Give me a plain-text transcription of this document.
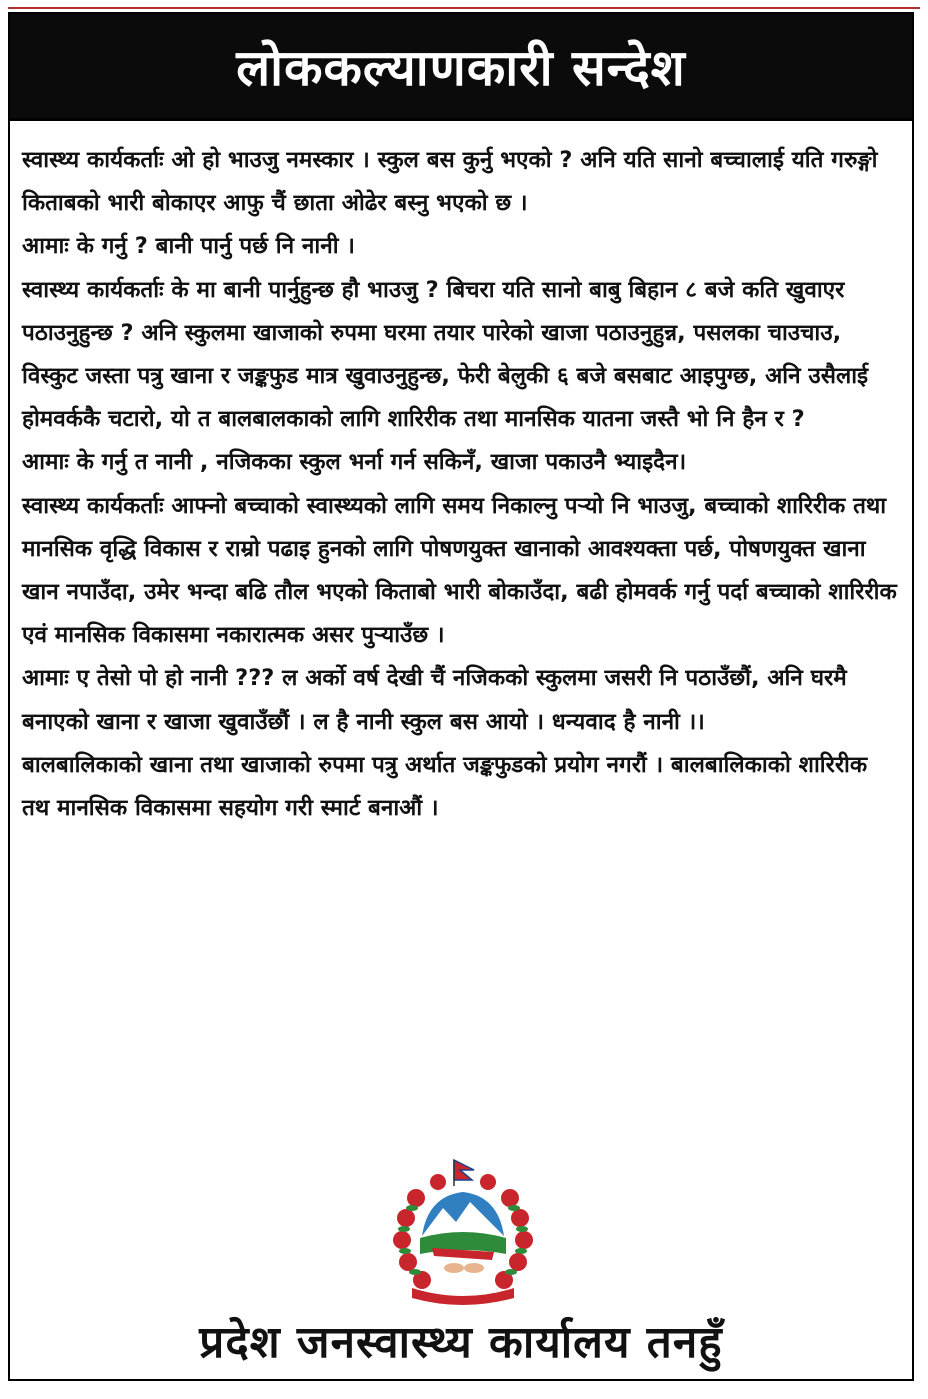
लोककल्याणकारी सन्देश

स्वास्थ्य कार्यकर्ताः ओ हो भाउजु नमस्कार । स्कुल बस कुर्नु भएको ? अनि यति सानो बच्चालाई यति गरुङ्गो किताबको भारी बोकाएर आफु चैं छाता ओढेर बस्नु भएको छ ।

आमाः के गर्नु ? बानी पार्नु पर्छ नि नानी ।

स्वास्थ्य कार्यकर्ताः के मा बानी पार्नुहुन्छ हौ भाउजु ? बिचरा यति सानो बाबु बिहान ८ बजे कति खुवाएर पठाउनुहुन्छ ? अनि स्कुलमा खाजाको रुपमा घरमा तयार पारेको खाजा पठाउनुहुन्न, पसलका चाउचाउ, विस्कुट जस्ता पत्रु खाना र जङ्कफुड मात्र खुवाउनुहुन्छ, फेरी बेलुकी ६ बजे बसबाट आइपुग्छ, अनि उसैलाई होमवर्ककै चटारो, यो त बालबालकाको लागि शारिरीक तथा मानसिक यातना जस्तै भो नि हैन र ?

आमाः के गर्नु त नानी , नजिकका स्कुल भर्ना गर्न सकिनँ, खाजा पकाउनै भ्याइदैन।

स्वास्थ्य कार्यकर्ताः आफ्नो बच्चाको स्वास्थ्यको लागि समय निकाल्नु पर्‍यो नि भाउजु, बच्चाको शारिरीक तथा मानसिक वृद्धि विकास र राम्रो पढाइ हुनको लागि पोषणयुक्त खानाको आवश्यक्ता पर्छ, पोषणयुक्त खाना खान नपाउँदा, उमेर भन्दा बढि तौल भएको किताबो भारी बोकाउँदा, बढी होमवर्क गर्नु पर्दा बच्चाको शारिरीक एवं मानसिक विकासमा नकारात्मक असर पुर्‍याउँछ ।

आमाः ए तेसो पो हो नानी ??? ल अर्को वर्ष देखी चैं नजिकको स्कुलमा जसरी नि पठाउँछौं, अनि घरमै बनाएको खाना र खाजा खुवाउँछौं । ल है नानी स्कुल बस आयो । धन्यवाद है नानी ।।

बालबालिकाको खाना तथा खाजाको रुपमा पत्रु अर्थात जङ्कफुडको प्रयोग नगरौं । बालबालिकाको शारिरीक तथ मानसिक विकासमा सहयोग गरी स्मार्ट बनाऔं ।

प्रदेश जनस्वास्थ्य कार्यालय तनहुँ
